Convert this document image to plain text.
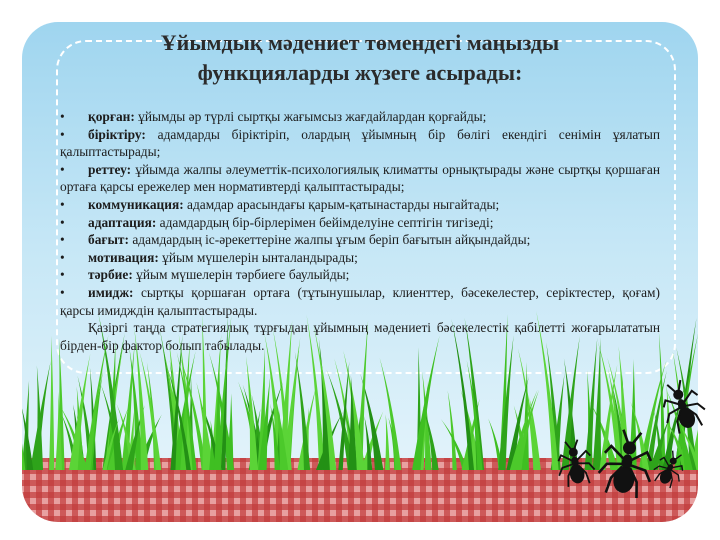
Ұйымдық мәдениет төмендегі маңызды
функцияларды жүзеге асырады:

• қорған: ұйымды әр түрлі сыртқы жағымсыз жағдайлардан қорғайды;

• біріктіру: адамдарды біріктіріп, олардың ұйымның бір бөлігі екендігі сенімін ұялатып қалыптастырады;

• реттеу: ұйымда жалпы әлеуметтік-психологиялық климатты орнықтырады және сыртқы қоршаған ортаға қарсы ережелер мен нормативтерді қалыптастырады;

• коммуникация: адамдар арасындағы қарым-қатынастарды ныгайтады;

• адаптация: адамдардың бір-бірлерімен бейімделуіне септігін тигізеді;

• бағыт: адамдардың іс-әрекеттеріне жалпы ұғым беріп бағытын айқындайды;

• мотивация: ұйым мүшелерін ынталандырады;

• тәрбие: ұйым мүшелерін тәрбиеге баулыйды;

• имидж: сыртқы қоршаған ортаға (тұтынушылар, клиенттер, бәсекелестер, серіктестер, қоғам) қарсы имидждін қалыптастырады.

Қазіргі таңда стратегиялық тұрғыдан ұйымның мәдениеті бәсекелестік қабілетті жоғарылататын бірден-бір фактор болып табылады.
